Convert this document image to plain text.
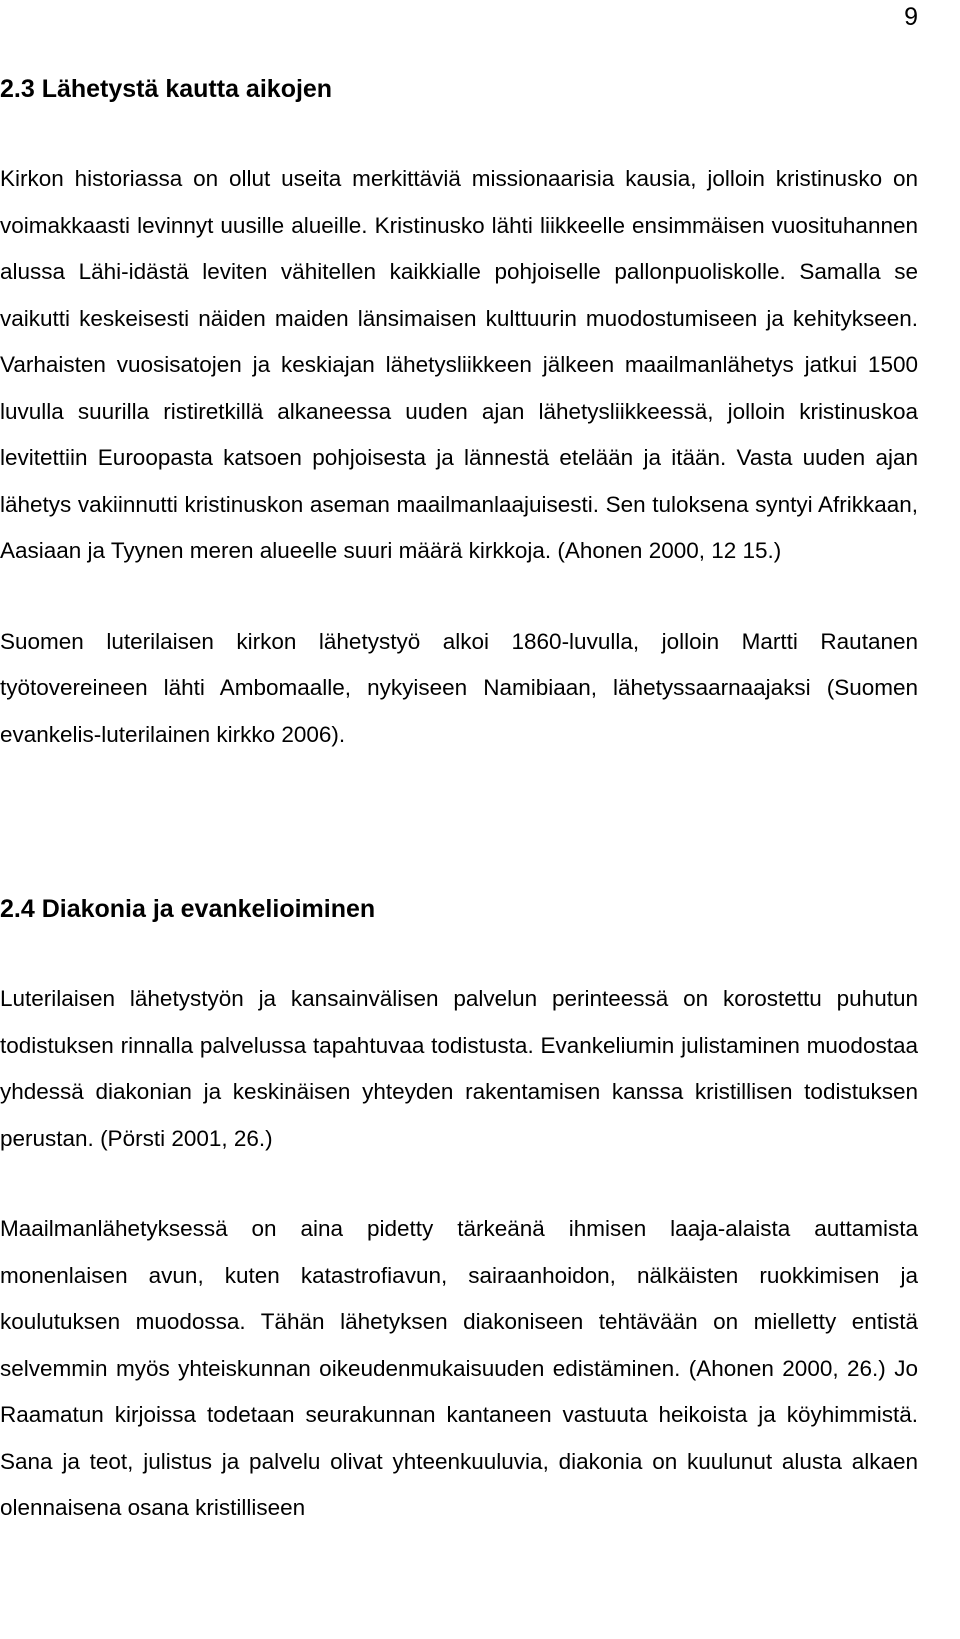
9
2.3 Lähetystä kautta aikojen

Kirkon historiassa on ollut useita merkittäviä missionaarisia kausia, jolloin kristinusko on voimakkaasti levinnyt uusille alueille. Kristinusko lähti liikkeelle ensimmäisen vuosituhannen alussa Lähi-idästä leviten vähitellen kaikkialle pohjoiselle pallonpuoliskolle. Samalla se vaikutti keskeisesti näiden maiden länsimaisen kulttuurin muodostumiseen ja kehitykseen. Varhaisten vuosisatojen ja keskiajan lähetysliikkeen jälkeen maailmanlähetys jatkui 1500 luvulla suurilla ristiretkillä alkaneessa uuden ajan lähetysliikkeessä, jolloin kristinuskoa levitettiin Euroopasta katsoen pohjoisesta ja lännestä etelään ja itään. Vasta uuden ajan lähetys vakiinnutti kristinuskon aseman maailmanlaajuisesti. Sen tuloksena syntyi Afrikkaan, Aasiaan ja Tyynen meren alueelle suuri määrä kirkkoja. (Ahonen 2000, 12 15.)

Suomen luterilaisen kirkon lähetystyö alkoi 1860-luvulla, jolloin Martti Rautanen työtovereineen lähti Ambomaalle, nykyiseen Namibiaan, lähetyssaarnaajaksi (Suomen evankelis-luterilainen kirkko 2006).

2.4 Diakonia ja evankelioiminen

Luterilaisen lähetystyön ja kansainvälisen palvelun perinteessä on korostettu puhutun todistuksen rinnalla palvelussa tapahtuvaa todistusta. Evankeliumin julistaminen muodostaa yhdessä diakonian ja keskinäisen yhteyden rakentamisen kanssa kristillisen todistuksen perustan. (Pörsti 2001, 26.)

Maailmanlähetyksessä on aina pidetty tärkeänä ihmisen laaja-alaista auttamista monenlaisen avun, kuten katastrofiavun, sairaanhoidon, nälkäisten ruokkimisen ja koulutuksen muodossa. Tähän lähetyksen diakoniseen tehtävään on mielletty entistä selvemmin myös yhteiskunnan oikeudenmukaisuuden edistäminen. (Ahonen 2000, 26.) Jo Raamatun kirjoissa todetaan seurakunnan kantaneen vastuuta heikoista ja köyhimmistä. Sana ja teot, julistus ja palvelu olivat yhteenkuuluvia, diakonia on kuulunut alusta alkaen olennaisena osana kristilliseen
